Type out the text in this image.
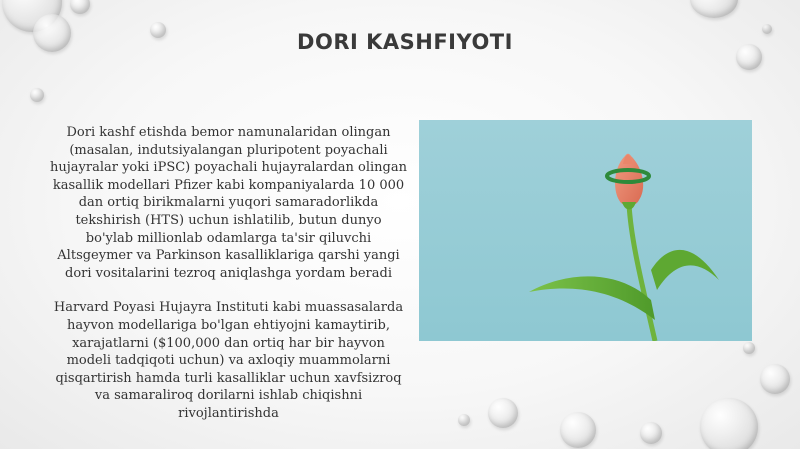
DORI KASHFIYOTI

Dori kashf etishda bemor namunalaridan olingan (masalan, indutsiyalangan pluripotent poyachali hujayralar yoki iPSC) poyachali hujayralardan olingan kasallik modellari Pfizer kabi kompaniyalarda 10 000 dan ortiq birikmalarni yuqori samaradorlikda tekshirish (HTS) uchun ishlatilib, butun dunyo bo'ylab millionlab odamlarga ta'sir qiluvchi Altsgeymer va Parkinson kasalliklariga qarshi yangi dori vositalarini tezroq aniqlashga yordam beradi

Harvard Poyasi Hujayra Instituti kabi muassasalarda hayvon modellariga bo'lgan ehtiyojni kamaytirib, xarajatlarni ($100,000 dan ortiq har bir hayvon modeli tadqiqoti uchun) va axloqiy muammolarni qisqartirish hamda turli kasalliklar uchun xavfsizroq va samaraliroq dorilarni ishlab chiqishni rivojlantirishda
